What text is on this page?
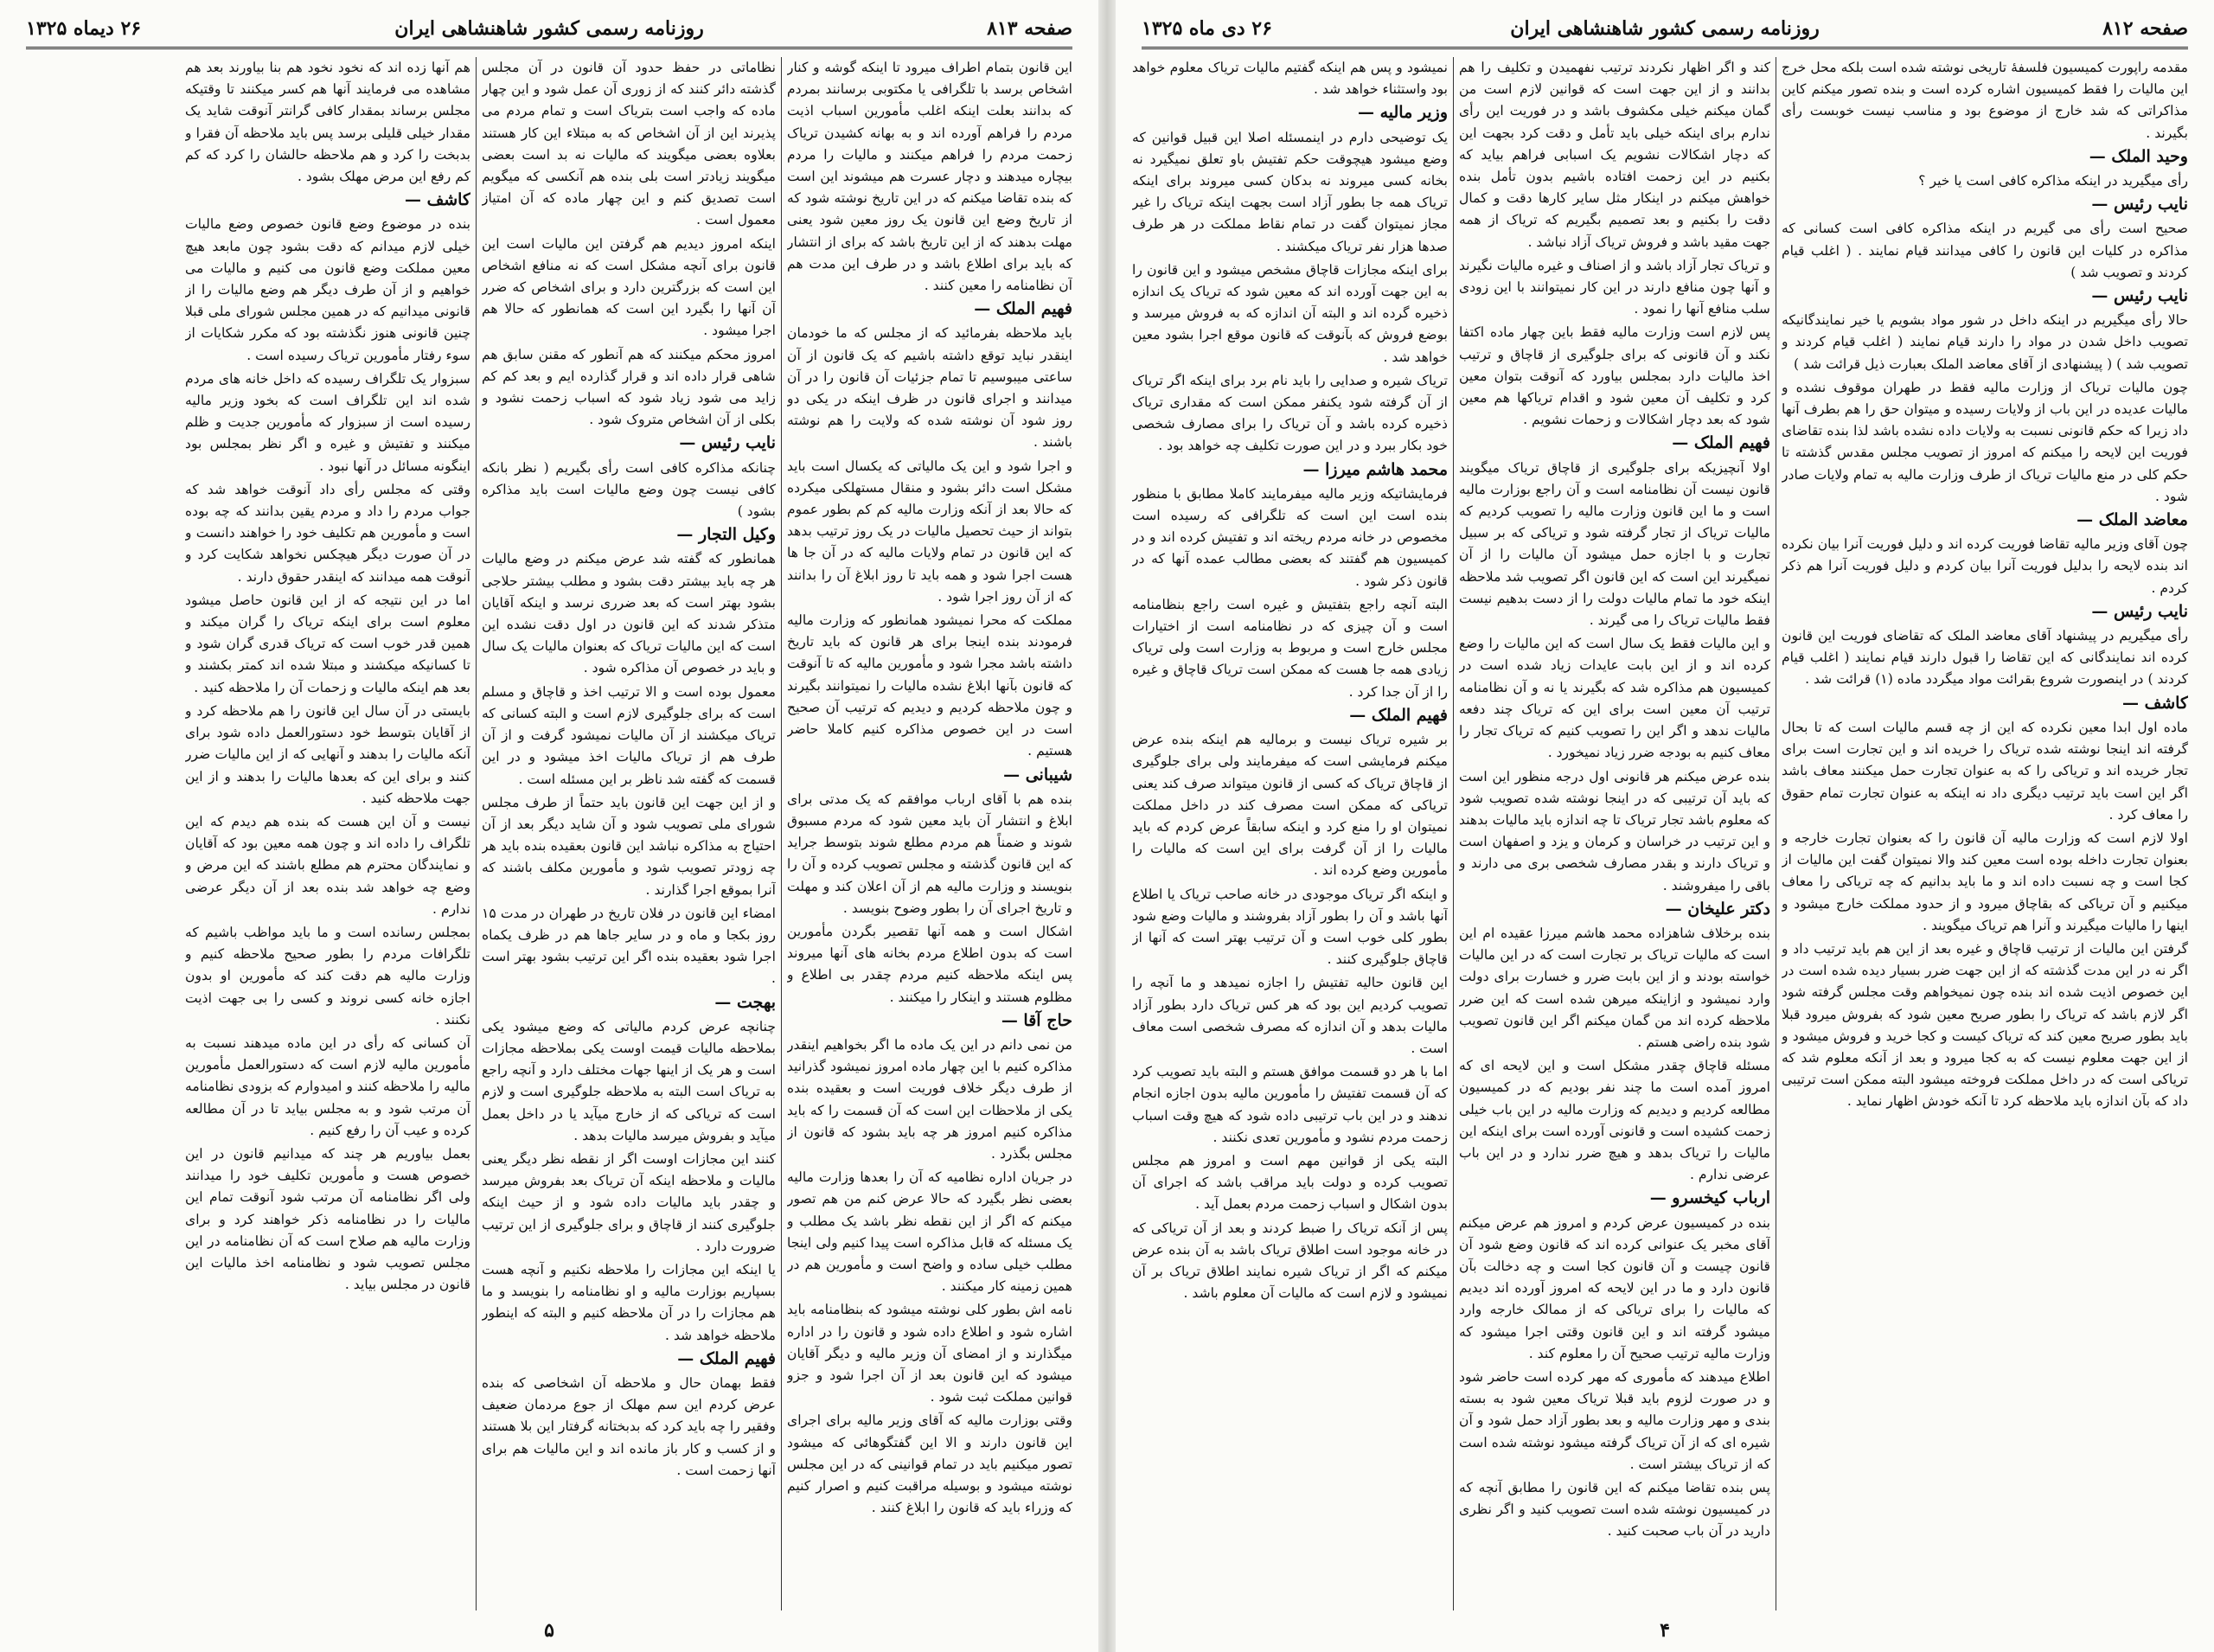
صفحه ۸۱۲
روزنامه رسمی کشور شاهنشاهی ایران
۲۶ دی ماه ۱۳۲۵

مقدمه راپورت کمیسیون فلسفهٔ تاریخی نوشته شده است بلکه محل خرج این مالیات را فقط کمیسیون اشاره کرده است و بنده تصور میکنم کاین مذاکراتی که شد خارج از موضوع بود و مناسب نیست خوبست رأی بگیرند .

وحید الملک —

رأی میگیرید در اینکه مذاکره کافی است یا خیر ؟

نایب رئیس —

صحیح است رأی می گیریم در اینکه مذاکره کافی است کسانی که مذاکره در کلیات این قانون را کافی میدانند قیام نمایند . ( اغلب قیام کردند و تصویب شد )

نایب رئیس —

حالا رأی میگیریم در اینکه داخل در شور مواد بشویم یا خیر نمایندگانیکه تصویب داخل شدن در مواد را دارند قیام نمایند ( اغلب قیام کردند و تصویب شد ) ( پیشنهادی از آقای معاضد الملک بعبارت ذیل قرائت شد )

چون مالیات تریاک از وزارت مالیه فقط در طهران موقوف نشده و مالیات عدیده در این باب از ولایات رسیده و میتوان حق را هم بطرف آنها داد زیرا که حکم قانونی نسبت به ولایات داده نشده باشد لذا بنده تقاضای فوریت این لایحه را میکنم که امروز از تصویب مجلس مقدس گذشته تا حکم کلی در منع مالیات تریاک از طرف وزارت مالیه به تمام ولایات صادر شود .

معاضد الملک —

چون آقای وزیر مالیه تقاضا فوریت کرده اند و دلیل فوریت آنرا بیان نکرده اند بنده لایحه را بدلیل فوریت آنرا بیان کردم و دلیل فوریت آنرا هم ذکر کردم .

نایب رئیس —

رأی میگیریم در پیشنهاد آقای معاضد الملک که تقاضای فوریت این قانون کرده اند نمایندگانی که این تقاضا را قبول دارند قیام نمایند ( اغلب قیام کردند ) در اینصورت شروع بقرائت مواد میگردد ماده (۱) قرائت شد .

کاشف —

ماده اول ابدا معین نکرده که این از چه قسم مالیات است که تا بحال گرفته اند اینجا نوشته شده تریاک را خریده اند و این تجارت است برای تجار خریده اند و تریاکی را که به عنوان تجارت حمل میکنند معاف باشد اگر این است باید ترتیب دیگری داد نه اینکه به عنوان تجارت تمام حقوق را معاف کرد .

اولا لازم است که وزارت مالیه آن قانون را که بعنوان تجارت خارجه و بعنوان تجارت داخله بوده است معین کند والا نمیتوان گفت این مالیات از کجا است و چه نسبت داده اند و ما باید بدانیم که چه تریاکی را معاف میکنیم و آن تریاکی که بقاچاق میرود و از حدود مملکت خارج میشود و اینها را مالیات میگیرند و آنرا هم تریاک میگویند .

گرفتن این مالیات از ترتیب قاچاق و غیره بعد از این هم باید ترتیب داد و اگر نه در این مدت گذشته که از این جهت ضرر بسیار دیده شده است در این خصوص اذیت شده اند بنده چون نمیخواهم وقت مجلس گرفته شود اگر لازم باشد که تریاک را بطور صریح معین شود که بفروش میرود قبلا باید بطور صریح معین کند که تریاک کیست و کجا خرید و فروش میشود و از این جهت معلوم نیست که به کجا میرود و بعد از آنکه معلوم شد که تریاکی است که در داخل مملکت فروخته میشود البته ممکن است ترتیبی داد که بآن اندازه باید ملاحظه کرد تا آنکه خودش اظهار نماید .

کند و اگر اظهار نکردند ترتیب نفهمیدن و تکلیف را هم بدانند و از این جهت است که قوانین لازم است من گمان میکنم خیلی مکشوف باشد و در فوریت این رأی ندارم برای اینکه خیلی باید تأمل و دقت کرد بجهت این که دچار اشکالات نشویم یک اسبابی فراهم بیاید که بکنیم در این زحمت افتاده باشیم بدون تأمل بنده خواهش میکنم در اینکار مثل سایر کارها دقت و کمال دقت را بکنیم و بعد تصمیم بگیریم که تریاک از همه جهت مقید باشد و فروش تریاک آزاد نباشد .

و تریاک تجار آزاد باشد و از اصناف و غیره مالیات نگیرند و آنها چون منافع دارند در این کار نمیتوانند با این زودی سلب منافع آنها را نمود .

پس لازم است وزارت مالیه فقط باین چهار ماده اکتفا نکند و آن قانونی که برای جلوگیری از قاچاق و ترتیب اخذ مالیات دارد بمجلس بیاورد که آنوقت بتوان معین کرد و تکلیف آن معین شود و اقدام تریاکها هم معین شود که بعد دچار اشکالات و زحمات نشویم .

فهیم الملک —

اولا آنچیزیکه برای جلوگیری از قاچاق تریاک میگویند قانون نیست آن نظامنامه است و آن راجع بوزارت مالیه است و ما این قانون وزارت مالیه را تصویب کردیم که مالیات تریاک از تجار گرفته شود و تریاکی که بر سبیل تجارت و با اجازه حمل میشود آن مالیات را از آن نمیگیرند این است که این قانون اگر تصویب شد ملاحظه اینکه خود ما تمام مالیات دولت را از دست بدهیم نیست فقط مالیات تریاک را می گیرند .

و این مالیات فقط یک سال است که این مالیات را وضع کرده اند و از این بابت عایدات زیاد شده است در کمیسیون هم مذاکره شد که بگیرند یا نه و آن نظامنامه ترتیب آن معین است برای این که تریاک چند دفعه مالیات ندهد و اگر این را تصویب کنیم که تریاک تجار را معاف کنیم به بودجه ضرر زیاد نمیخورد .

بنده عرض میکنم هر قانونی اول درجه منظور این است که باید آن ترتیبی که در اینجا نوشته شده تصویب شود که معلوم باشد تجار تریاک تا چه اندازه باید مالیات بدهند و این ترتیب در خراسان و کرمان و یزد و اصفهان است و تریاک دارند و بقدر مصارف شخصی بری می دارند و باقی را میفروشند .

دکتر علیخان —

بنده برخلاف شاهزاده محمد هاشم میرزا عقیده ام این است که مالیات تریاک بر تجارت است که در این مالیات خواسته بودند و از این بابت ضرر و خسارت برای دولت وارد نمیشود و ازاینکه میرهن شده است که این ضرر ملاحظه کرده اند من گمان میکنم اگر این قانون تصویب شود بنده راضی هستم .

مسئله قاچاق چقدر مشکل است و این لایحه ای که امروز آمده است ما چند نفر بودیم که در کمیسیون مطالعه کردیم و دیدیم که وزارت مالیه در این باب خیلی زحمت کشیده است و قانونی آورده است برای اینکه این مالیات را تریاک بدهد و هیچ ضرر ندارد و در این باب عرضی ندارم .

ارباب کیخسرو —

بنده در کمیسیون عرض کردم و امروز هم عرض میکنم آقای مخبر یک عنوانی کرده اند که قانون وضع شود آن قانون چیست و آن قانون کجا است و چه دخالت بآن قانون دارد و ما در این لایحه که امروز آورده اند دیدیم که مالیات را برای تریاکی که از ممالک خارجه وارد میشود گرفته اند و این قانون وقتی اجرا میشود که وزارت مالیه ترتیب صحیح آن را معلوم کند .

اطلاع میدهند که مأموری که مهر کرده است حاضر شود و در صورت لزوم باید قبلا تریاک معین شود به بسته بندی و مهر وزارت مالیه و بعد بطور آزاد حمل شود و آن شیره ای که از آن تریاک گرفته میشود نوشته شده است که از تریاک بیشتر است .

پس بنده تقاضا میکنم که این قانون را مطابق آنچه که در کمیسیون نوشته شده است تصویب کنید و اگر نظری دارید در آن باب صحبت کنید .

نمیشود و پس هم اینکه گفتیم مالیات تریاک معلوم خواهد بود واستثناء خواهد شد .

وزیر مالیه —

یک توضیحی دارم در اینمسئله اصلا این قبیل قوانین که وضع میشود هیچوقت حکم تفتیش باو تعلق نمیگیرد نه بخانه کسی میروند نه بدکان کسی میروند برای اینکه تریاک همه جا بطور آزاد است بجهت اینکه تریاک را غیر مجاز نمیتوان گفت در تمام نقاط مملکت در هر طرف صدها هزار نفر تریاک میکشند .

برای اینکه مجازات قاچاق مشخص میشود و این قانون را به این جهت آورده اند که معین شود که تریاک یک اندازه ذخیره گرده اند و البته آن اندازه که به فروش میرسد و بوضع فروش که بآنوقت که قانون موقع اجرا بشود معین خواهد شد .

تریاک شیره و صدایی را باید نام برد برای اینکه اگر تریاک از آن گرفته شود یکنفر ممکن است که مقداری تریاک ذخیره کرده باشد و آن تریاک را برای مصارف شخصی خود بکار ببرد و در این صورت تکلیف چه خواهد بود .

محمد هاشم میرزا —

فرمایشاتیکه وزیر مالیه میفرمایند کاملا مطابق با منظور بنده است این است که تلگرافی که رسیده است مخصوص در خانه مردم ریخته اند و تفتیش کرده اند و در کمیسیون هم گفتند که بعضی مطالب عمده آنها که در قانون ذکر شود .

البته آنچه راجع بتفتیش و غیره است راجع بنظامنامه است و آن چیزی که در نظامنامه است از اختیارات مجلس خارج است و مربوط به وزارت است ولی تریاک زیادی همه جا هست که ممکن است تریاک قاچاق و غیره را از آن جدا کرد .

فهیم الملک —

بر شیره تریاک نیست و برمالیه هم اینکه بنده عرض میکنم فرمایشی است که میفرمایند ولی برای جلوگیری از قاچاق تریاک که کسی از قانون میتواند صرف کند یعنی تریاکی که ممکن است مصرف کند در داخل مملکت نمیتوان او را منع کرد و اینکه سابقاً عرض کردم که باید مالیات را از آن گرفت برای این است که مالیات را مأمورین وضع کرده اند .

و اینکه اگر تریاک موجودی در خانه صاحب تریاک یا اطلاع آنها باشد و آن را بطور آزاد بفروشند و مالیات وضع شود بطور کلی خوب است و آن ترتیب بهتر است که آنها از قاچاق جلوگیری کنند .

این قانون حالیه تفتیش را اجازه نمیدهد و ما آنچه را تصویب کردیم این بود که هر کس تریاک دارد بطور آزاد مالیات بدهد و آن اندازه که مصرف شخصی است معاف است .

اما با هر دو قسمت موافق هستم و البته باید تصویب کرد که آن قسمت تفتیش را مأمورین مالیه بدون اجازه انجام ندهند و در این باب ترتیبی داده شود که هیچ وقت اسباب زحمت مردم نشود و مأمورین تعدی نکنند .

البته یکی از قوانین مهم است و امروز هم مجلس تصویب کرده و دولت باید مراقب باشد که اجرای آن بدون اشکال و اسباب زحمت مردم بعمل آید .

پس از آنکه تریاک را ضبط کردند و بعد از آن تریاکی که در خانه موجود است اطلاق تریاک باشد به آن بنده عرض میکنم که اگر از تریاک شیره نمایند اطلاق تریاک بر آن نمیشود و لازم است که مالیات آن معلوم باشد .

۴
صفحه ۸۱۳
روزنامه رسمی کشور شاهنشاهی ایران
۲۶ دیماه ۱۳۲۵

این قانون بتمام اطراف میرود تا اینکه گوشه و کنار اشخاص برسد با تلگرافی یا مکتوبی برسانند بمردم که بدانند بعلت اینکه اغلب مأمورین اسباب اذیت مردم را فراهم آورده اند و به بهانه کشیدن تریاک زحمت مردم را فراهم میکنند و مالیات را مردم بیچاره میدهند و دچار عسرت هم میشوند این است که بنده تقاضا میکنم که در این تاریخ نوشته شود که از تاریخ وضع این قانون یک روز معین شود یعنی مهلت بدهند که از این تاریخ باشد که برای از انتشار که باید برای اطلاع باشد و در طرف این مدت هم آن نظامنامه را معین کنند .

فهیم الملک —

باید ملاحظه بفرمائید که از مجلس که ما خودمان اینقدر نباید توقع داشته باشیم که یک قانون از آن ساعتی میبوسیم تا تمام جزئیات آن قانون را در آن میدانند و اجرای قانون در ظرف اینکه در یکی دو روز شود آن نوشته شده که ولایت را هم نوشته باشند .

و اجرا شود و این یک مالیاتی که یکسال است باید مشکل است دائر بشود و منقال مستهلکی میکرده که حالا بعد از آنکه وزارت مالیه کم کم بطور عموم بتواند از حیث تحصیل مالیات در یک روز ترتیب بدهد که این قانون در تمام ولایات مالیه که در آن جا ها هست اجرا شود و همه باید تا روز ابلاغ آن را بدانند که از آن روز اجرا شود .

مملکت که محرا نمیشود همانطور که وزارت مالیه فرمودند بنده اینجا برای هر قانون که باید تاریخ داشته باشد مجرا شود و مأمورین مالیه که تا آنوقت که قانون بآنها ابلاغ نشده مالیات را نمیتوانند بگیرند و چون ملاحظه کردیم و دیدیم که ترتیب آن صحیح است در این خصوص مذاکره کنیم کاملا حاضر هستیم .

شیبانی —

بنده هم با آقای ارباب موافقم که یک مدتی برای ابلاغ و انتشار آن باید معین شود که مردم مسبوق شوند و ضمناً هم مردم مطلع شوند بتوسط جراید که این قانون گذشته و مجلس تصویب کرده و آن را بنویسند و وزارت مالیه هم از آن اعلان کند و مهلت و تاریخ اجرای آن را بطور وضوح بنویسد .

اشکال است و همه آنها تقصیر بگردن مأمورین است که بدون اطلاع مردم بخانه های آنها میروند پس اینکه ملاحظه کنیم مردم چقدر بی اطلاع و مظلوم هستند و اینکار را میکنند .

حاج آقا —

من نمی دانم در این یک ماده ما اگر بخواهیم اینقدر مذاکره کنیم با این چهار ماده امروز نمیشود گذرانید از طرف دیگر خلاف فوریت است و بعقیده بنده یکی از ملاحظات این است که آن قسمت را که باید مذاکره کنیم امروز هر چه باید بشود که قانون از مجلس بگذرد .

در جریان اداره نظامیه که آن را بعدها وزارت مالیه بعضی نظر بگیرد که حالا عرض کنم من هم تصور میکنم که اگر از این نقطه نظر باشد یک مطلب و یک مسئله که قابل مذاکره است پیدا کنیم ولی اینجا مطلب خیلی ساده و واضح است و مأمورین هم در همین زمینه کار میکنند .

نامه اش بطور کلی نوشته میشود که بنظامنامه باید اشاره شود و اطلاع داده شود و قانون را در اداره میگذارند و از امضای آن وزیر مالیه و دیگر آقایان میشود که این قانون بعد از آن اجرا شود و جزو قوانین مملکت ثبت شود .

وقتی بوزارت مالیه که آقای وزیر مالیه برای اجرای این قانون دارند و الا این گفتگوهائی که میشود تصور میکنیم باید در تمام قوانینی که در این مجلس نوشته میشود و بوسیله مراقبت کنیم و اصرار کنیم که وزراء باید که قانون را ابلاغ کنند .

نظاماتی در حفظ حدود آن قانون در آن مجلس گذشته دائر کنند که از زوری آن عمل شود و این چهار ماده که واجب است بتریاک است و تمام مردم می پذیرند این از آن اشخاص که به مبتلاء این کار هستند بعلاوه بعضی میگویند که مالیات نه بد است بعضی میگویند زیادتر است بلی بنده هم آنکسی که میگویم است تصدیق کنم و این چهار ماده که آن امتیاز معمول است .

اینکه امروز دیدیم هم گرفتن این مالیات است این قانون برای آنچه مشکل است که نه منافع اشخاص این است که بزرگترین دارد و برای اشخاص که ضرر آن آنها را بگیرد این است که همانطور که حالا هم اجرا میشود .

امروز محکم میکنند که هم آنطور که مقنن سابق هم شاهی قرار داده اند و قرار گذارده ایم و بعد کم کم زاید می شود زیاد شود که اسباب زحمت نشود و بکلی از آن اشخاص متروک شود .

نایب رئیس —

چنانکه مذاکره کافی است رأی بگیریم ( نظر بانکه کافی نیست چون وضع مالیات است باید مذاکره بشود )

وکیل التجار —

همانطور که گفته شد عرض میکنم در وضع مالیات هر چه باید بیشتر دقت بشود و مطلب بیشتر حلاجی بشود بهتر است که بعد ضرری نرسد و اینکه آقایان متذکر شدند که این قانون در اول دقت نشده این است که این مالیات تریاک که بعنوان مالیات یک سال و باید در خصوص آن مذاکره شود .

معمول بوده است و الا ترتیب اخذ و قاچاق و مسلم است که برای جلوگیری لازم است و البته کسانی که تریاک میکشند از آن مالیات نمیشود گرفت و از آن طرف هم از تریاک مالیات اخذ میشود و در این قسمت که گفته شد ناظر بر این مسئله است .

و از این جهت این قانون باید حتماً از طرف مجلس شورای ملی تصویب شود و آن شاید دیگر بعد از آن احتیاج به مذاکره نباشد این قانون بعقیده بنده باید هر چه زودتر تصویب شود و مأمورین مکلف باشند که آنرا بموقع اجرا گذارند .

امضاء این قانون در فلان تاریخ در طهران در مدت ۱۵ روز بکجا و ماه و در سایر جاها هم در ظرف یکماه اجرا شود بعقیده بنده اگر این ترتیب بشود بهتر است .

بهجت —

چنانچه عرض کردم مالیاتی که وضع میشود یکی بملاحظه مالیات قیمت اوست یکی بملاحظه مجازات است و هر یک از اینها جهات مختلف دارد و آنچه راجع به تریاک است البته به ملاحظه جلوگیری است و لازم است که تریاکی که از خارج میآید یا در داخل بعمل میآید و بفروش میرسد مالیات بدهد .

کنند این مجازات اوست اگر از نقطه نظر دیگر یعنی مالیات و ملاحظه اینکه آن تریاک بعد بفروش میرسد و چقدر باید مالیات داده شود و از حیث اینکه جلوگیری کنند از قاچاق و برای جلوگیری از این ترتیب ضرورت دارد .

یا اینکه این مجازات را ملاحظه نکنیم و آنچه هست بسپاریم بوزارت مالیه و او نظامنامه را بنویسد و ما هم مجازات را در آن ملاحظه کنیم و البته که اینطور ملاحظه خواهد شد .

فهیم الملک —

فقط بهمان حال و ملاحظه آن اشخاصی که بنده عرض کردم این سم مهلک از جوع مردمان ضعیف وفقیر را چه باید کرد که بدبختانه گرفتار این بلا هستند و از کسب و کار باز مانده اند و این مالیات هم برای آنها زحمت است .

هم آنها زده اند که نخود نخود هم بنا بیاورند بعد هم مشاهده می فرمایند آنها هم کسر میکنند تا وقتیکه مجلس برساند بمقدار کافی گرانتر آنوقت شاید یک مقدار خیلی قلیلی برسد پس باید ملاحظه آن فقرا و بدبخت را کرد و هم ملاحظه حالشان را کرد که کم کم رفع این مرض مهلک بشود .

کاشف —

بنده در موضوع وضع قانون خصوص وضع مالیات خیلی لازم میدانم که دقت بشود چون مابعد هیچ معین مملکت وضع قانون می کنیم و مالیات می خواهیم و از آن طرف دیگر هم وضع مالیات را از قانونی میدانیم که در همین مجلس شورای ملی قبلا چنین قانونی هنوز نگذشته بود که مکرر شکایات از سوء رفتار مأمورین تریاک رسیده است .

سبزوار یک تلگراف رسیده که داخل خانه های مردم شده اند این تلگراف است که بخود وزیر مالیه رسیده است از سبزوار که مأمورین جدیت و ظلم میکنند و تفتیش و غیره و اگر نظر بمجلس بود اینگونه مسائل در آنها نبود .

وقتی که مجلس رأی داد آنوقت خواهد شد که جواب مردم را داد و مردم یقین بدانند که چه بوده است و مأمورین هم تکلیف خود را خواهند دانست و در آن صورت دیگر هیچکس نخواهد شکایت کرد و آنوقت همه میدانند که اینقدر حقوق دارند .

اما در این نتیجه که از این قانون حاصل میشود معلوم است برای اینکه تریاک را گران میکند و همین قدر خوب است که تریاک قدری گران شود و تا کسانیکه میکشند و مبتلا شده اند کمتر بکشند و بعد هم اینکه مالیات و زحمات آن را ملاحظه کنید .

بایستی در آن سال این قانون را هم ملاحظه کرد و از آقایان بتوسط خود دستورالعمل داده شود برای آنکه مالیات را بدهند و آنهایی که از این مالیات ضرر کنند و برای این که بعدها مالیات را بدهند و از این جهت ملاحظه کنید .

نیست و آن این هست که بنده هم دیدم که این تلگراف را داده اند و چون همه معین بود که آقایان و نمایندگان محترم هم مطلع باشند که این مرض و وضع چه خواهد شد بنده بعد از آن دیگر عرضی ندارم .

بمجلس رسانده است و ما باید مواظب باشیم که تلگرافات مردم را بطور صحیح ملاحظه کنیم و وزارت مالیه هم دقت کند که مأمورین او بدون اجازه خانه کسی نروند و کسی را بی جهت اذیت نکنند .

آن کسانی که رأی در این ماده میدهند نسبت به مأمورین مالیه لازم است که دستورالعمل مأمورین مالیه را ملاحظه کنند و امیدوارم که بزودی نظامنامه آن مرتب شود و به مجلس بیاید تا در آن مطالعه کرده و عیب آن را رفع کنیم .

بعمل بیاوریم هر چند که میدانیم قانون در این خصوص هست و مأمورین تکلیف خود را میدانند ولی اگر نظامنامه آن مرتب شود آنوقت تمام این مالیات را در نظامنامه ذکر خواهند کرد و برای وزارت مالیه هم صلاح است که آن نظامنامه در این مجلس تصویب شود و نظامنامه اخذ مالیات این قانون در مجلس بیاید .

۵
